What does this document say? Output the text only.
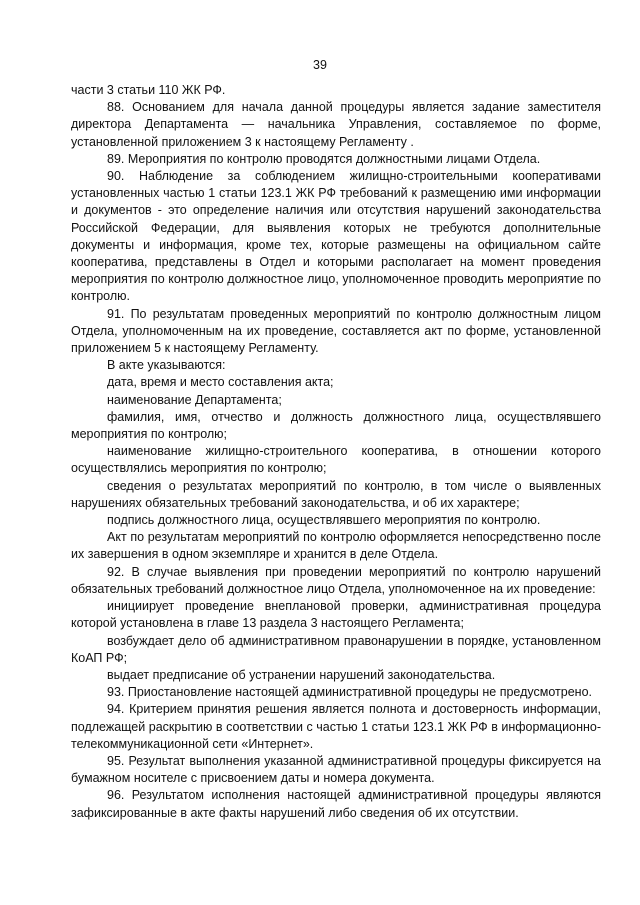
39

части 3 статьи 110 ЖК РФ.

88. Основанием для начала данной процедуры является задание заместителя директора Департамента — начальника Управления, составляемое по форме, установленной приложением 3 к настоящему Регламенту .

89. Мероприятия по контролю проводятся должностными лицами Отдела.

90. Наблюдение за соблюдением жилищно-строительными кооперативами установленных частью 1 статьи 123.1 ЖК РФ требований к размещению ими информации и документов - это определение наличия или отсутствия нарушений законодательства Российской Федерации, для выявления которых не требуются дополнительные документы и информация, кроме тех, которые размещены на официальном сайте кооператива, представлены в Отдел и которыми располагает на момент проведения мероприятия по контролю должностное лицо, уполномоченное проводить мероприятие по контролю.

91. По результатам проведенных мероприятий по контролю должностным лицом Отдела, уполномоченным на их проведение, составляется акт по форме, установленной приложением 5 к настоящему Регламенту.

В акте указываются:

дата, время и место составления акта;

наименование Департамента;

фамилия, имя, отчество и должность должностного лица, осуществлявшего мероприятия по контролю;

наименование жилищно-строительного кооператива, в отношении которого осуществлялись мероприятия по контролю;

сведения о результатах мероприятий по контролю, в том числе о выявленных нарушениях обязательных требований законодательства, и об их характере;

подпись должностного лица, осуществлявшего мероприятия по контролю.

Акт по результатам мероприятий по контролю оформляется непосредственно после их завершения в одном экземпляре и хранится в деле Отдела.

92. В случае выявления при проведении мероприятий по контролю нарушений обязательных требований должностное лицо Отдела, уполномоченное на их проведение:

инициирует проведение внеплановой проверки, административная процедура которой установлена в главе 13 раздела 3 настоящего Регламента;

возбуждает дело об административном правонарушении в порядке, установленном КоАП РФ;

выдает предписание об устранении нарушений законодательства.

93. Приостановление настоящей административной процедуры не предусмотрено.

94. Критерием принятия решения является полнота и достоверность информации, подлежащей раскрытию в соответствии с частью 1 статьи 123.1 ЖК РФ в информационно-телекоммуникационной сети «Интернет».

95. Результат выполнения указанной административной процедуры фиксируется на бумажном носителе с присвоением даты и номера документа.

96. Результатом исполнения настоящей административной процедуры являются зафиксированные в акте факты нарушений либо сведения об их отсутствии.
